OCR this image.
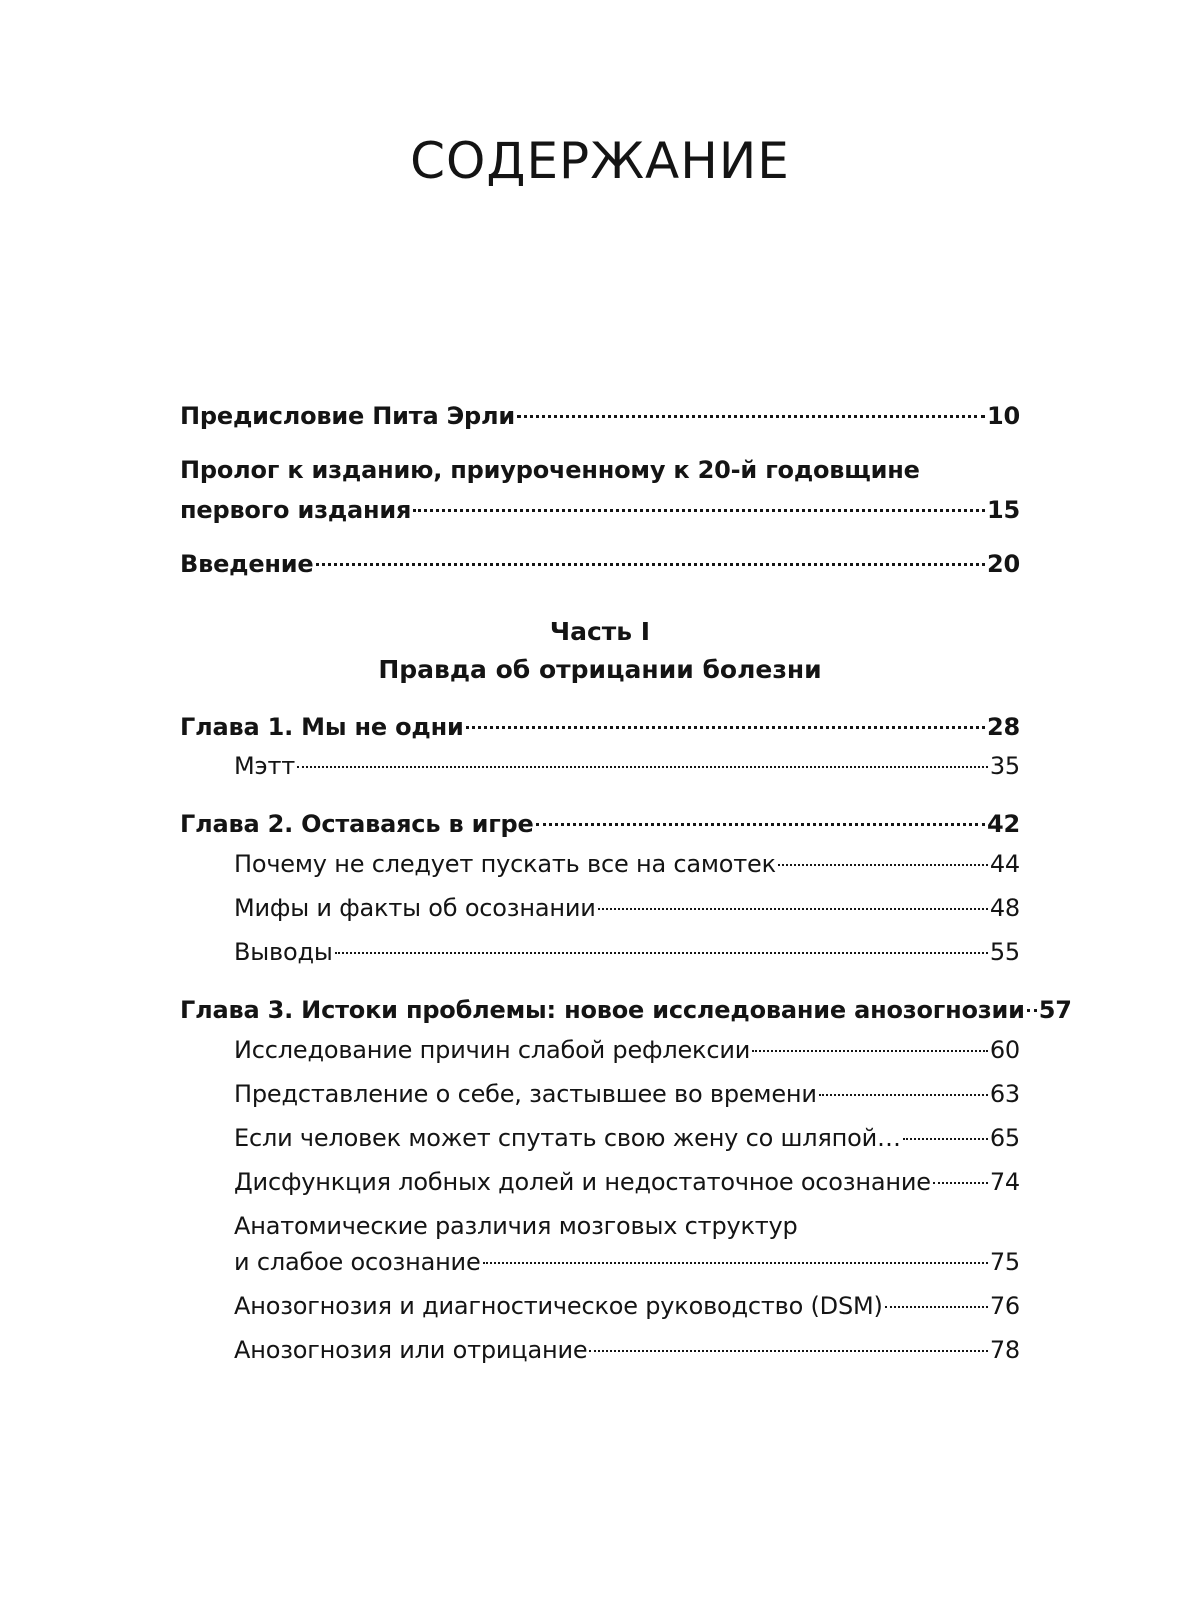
СОДЕРЖАНИЕ
Предисловие Пита Эрли	10
Пролог к изданию, приуроченному к 20-й годовщине
первого издания	15
Введение	20
Часть I
Правда об отрицании болезни
Глава 1. Мы не одни	28
Мэтт	35
Глава 2. Оставаясь в игре	42
Почему не следует пускать все на самотек	44
Мифы и факты об осознании	48
Выводы	55
Глава 3. Истоки проблемы: новое исследование анозогнозии 57
Исследование причин слабой рефлексии	60
Представление о себе, застывшее во времени	63
Если человек может спутать свою жену со шляпой…	65
Дисфункция лобных долей и недостаточное осознание 74
Анатомические различия мозговых структур
и слабое осознание	75
Анозогнозия и диагностическое руководство (DSM)	76
Анозогнозия или отрицание	78
